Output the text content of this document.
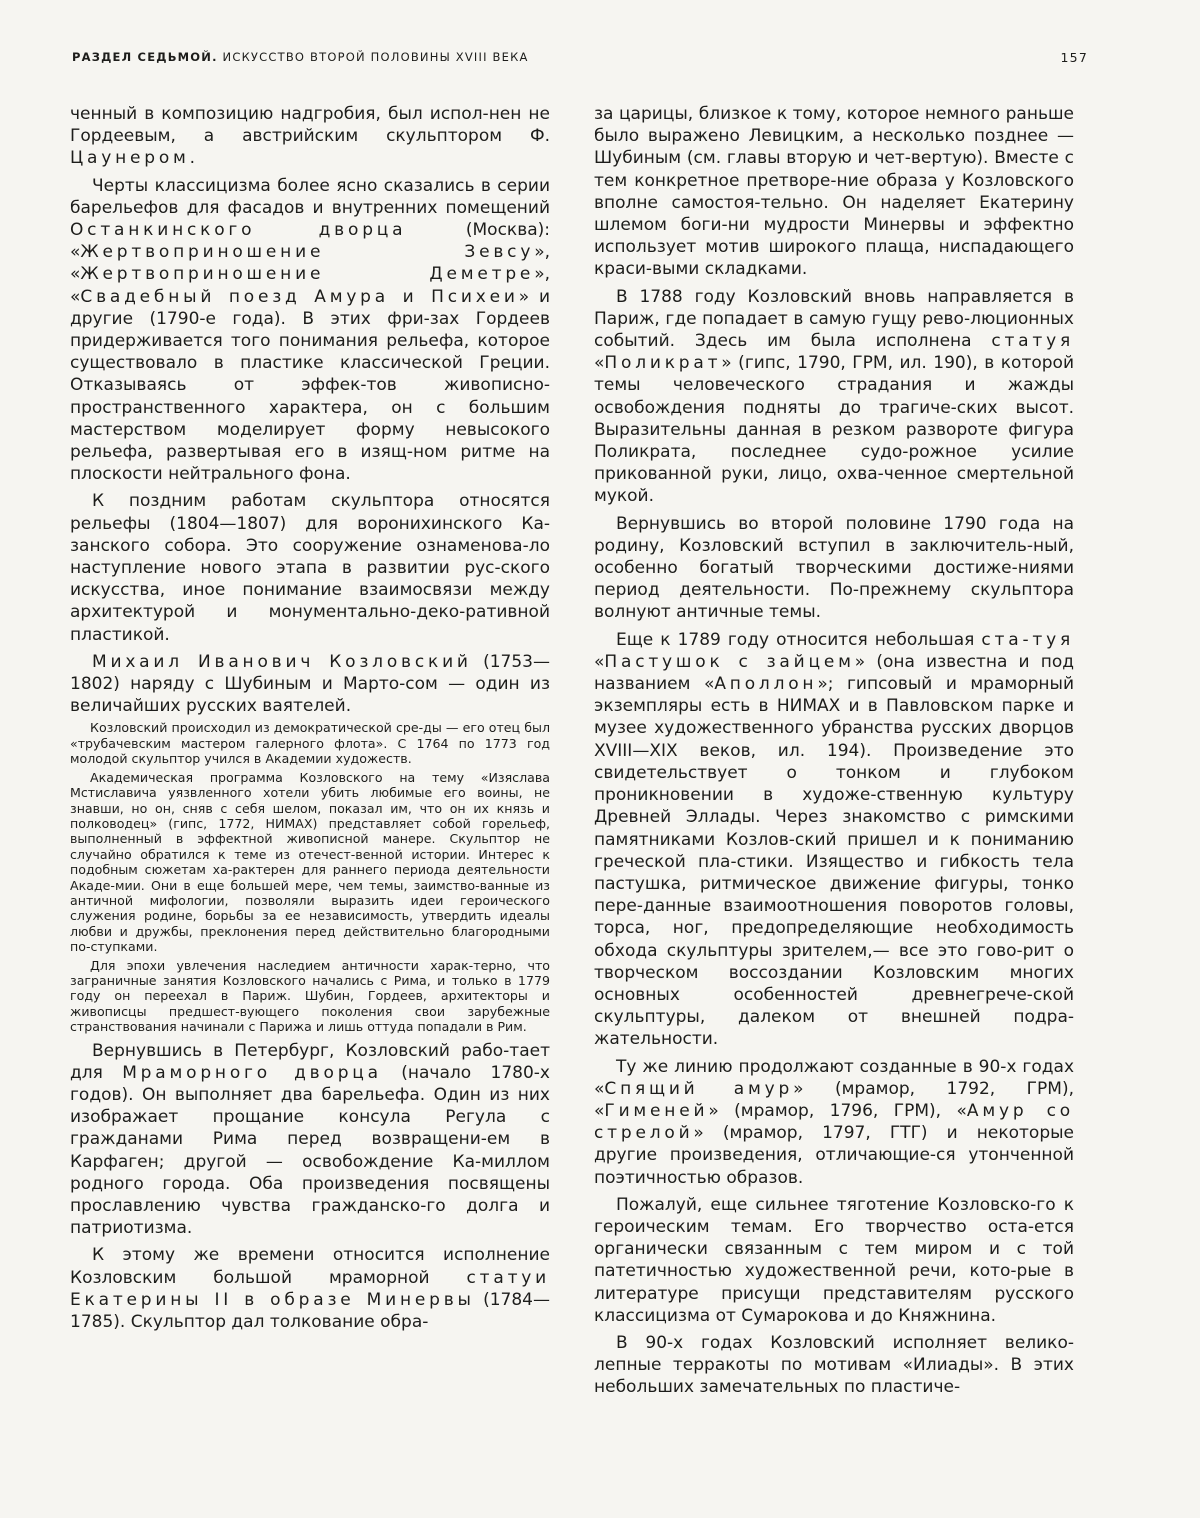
РАЗДЕЛ СЕДЬМОЙ. ИСКУССТВО ВТОРОЙ ПОЛОВИНЫ XVIII ВЕКА	157

ченный в композицию надгробия, был испол-нен не Гордеевым, а австрийским скульптором Ф. Цаунером.

Черты классицизма более ясно сказались в серии барельефов для фасадов и внутренних помещений Останкинского дворца (Москва): «Жертвоприношение Зевсу», «Жертвоприношение Деметре», «Свадебный поезд Амура и Психеи» и другие (1790-е года). В этих фри-зах Гордеев придерживается того понимания рельефа, которое существовало в пластике классической Греции. Отказываясь от эффек-тов живописно-пространственного характера, он с большим мастерством моделирует форму невысокого рельефа, развертывая его в изящ-ном ритме на плоскости нейтрального фона.

К поздним работам скульптора относятся рельефы (1804—1807) для воронихинского Ка-занского собора. Это сооружение ознаменова-ло наступление нового этапа в развитии рус-ского искусства, иное понимание взаимосвязи между архитектурой и монументально-деко-ративной пластикой.

Михаил Иванович Козловский (1753—1802) наряду с Шубиным и Марто-сом — один из величайших русских ваятелей.

Козловский происходил из демократической сре-ды — его отец был «трубачевским мастером галерного флота». С 1764 по 1773 год молодой скульптор учился в Академии художеств.

Академическая программа Козловского на тему «Изяслава Мстиславича уязвленного хотели убить любимые его воины, не знавши, но он, сняв с себя шелом, показал им, что он их князь и полководец» (гипс, 1772, НИМАХ) представляет собой горельеф, выполненный в эффектной живописной манере. Скульптор не случайно обратился к теме из отечест-венной истории. Интерес к подобным сюжетам ха-рактерен для раннего периода деятельности Акаде-мии. Они в еще большей мере, чем темы, заимство-ванные из античной мифологии, позволяли выразить идеи героического служения родине, борьбы за ее независимость, утвердить идеалы любви и дружбы, преклонения перед действительно благородными по-ступками.

Для эпохи увлечения наследием античности харак-терно, что заграничные занятия Козловского начались с Рима, и только в 1779 году он переехал в Париж. Шубин, Гордеев, архитекторы и живописцы предшест-вующего поколения свои зарубежные странствования начинали с Парижа и лишь оттуда попадали в Рим.

Вернувшись в Петербург, Козловский рабо-тает для Мраморного дворца (начало 1780-х годов). Он выполняет два барельефа. Один из них изображает прощание консула Регула с гражданами Рима перед возвращени-ем в Карфаген; другой — освобождение Ка-миллом родного города. Оба произведения посвящены прославлению чувства гражданско-го долга и патриотизма.

К этому же времени относится исполнение Козловским большой мраморной статуи Екатерины II в образе Минервы (1784—1785). Скульптор дал толкование обра-

за царицы, близкое к тому, которое немного раньше было выражено Левицким, а несколько позднее — Шубиным (см. главы вторую и чет-вертую). Вместе с тем конкретное претворе-ние образа у Козловского вполне самостоя-тельно. Он наделяет Екатерину шлемом боги-ни мудрости Минервы и эффектно использует мотив широкого плаща, ниспадающего краси-выми складками.

В 1788 году Козловский вновь направляется в Париж, где попадает в самую гущу рево-люционных событий. Здесь им была исполнена статуя «Поликрат» (гипс, 1790, ГРМ, ил. 190), в которой темы человеческого страдания и жажды освобождения подняты до трагиче-ских высот. Выразительны данная в резком развороте фигура Поликрата, последнее судо-рожное усилие прикованной руки, лицо, охва-ченное смертельной мукой.

Вернувшись во второй половине 1790 года на родину, Козловский вступил в заключитель-ный, особенно богатый творческими достиже-ниями период деятельности. По-прежнему скульптора волнуют античные темы.

Еще к 1789 году относится небольшая ста-туя «Пастушок с зайцем» (она известна и под названием «Аполлон»; гипсовый и мраморный экземпляры есть в НИМАХ и в Павловском парке и музее художественного убранства русских дворцов XVIII—XIX веков, ил. 194). Произведение это свидетельствует о тонком и глубоком проникновении в художе-ственную культуру Древней Эллады. Через знакомство с римскими памятниками Козлов-ский пришел и к пониманию греческой пла-стики. Изящество и гибкость тела пастушка, ритмическое движение фигуры, тонко пере-данные взаимоотношения поворотов головы, торса, ног, предопределяющие необходимость обхода скульптуры зрителем,— все это гово-рит о творческом воссоздании Козловским многих основных особенностей древнегрече-ской скульптуры, далеком от внешней подра-жательности.

Ту же линию продолжают созданные в 90-х годах «Спящий амур» (мрамор, 1792, ГРМ), «Гименей» (мрамор, 1796, ГРМ), «Амур со стрелой» (мрамор, 1797, ГТГ) и некоторые другие произведения, отличающие-ся утонченной поэтичностью образов.

Пожалуй, еще сильнее тяготение Козловско-го к героическим темам. Его творчество оста-ется органически связанным с тем миром и с той патетичностью художественной речи, кото-рые в литературе присущи представителям русского классицизма от Сумарокова и до Княжнина.

В 90-х годах Козловский исполняет велико-лепные терракоты по мотивам «Илиады». В этих небольших замечательных по пластиче-
